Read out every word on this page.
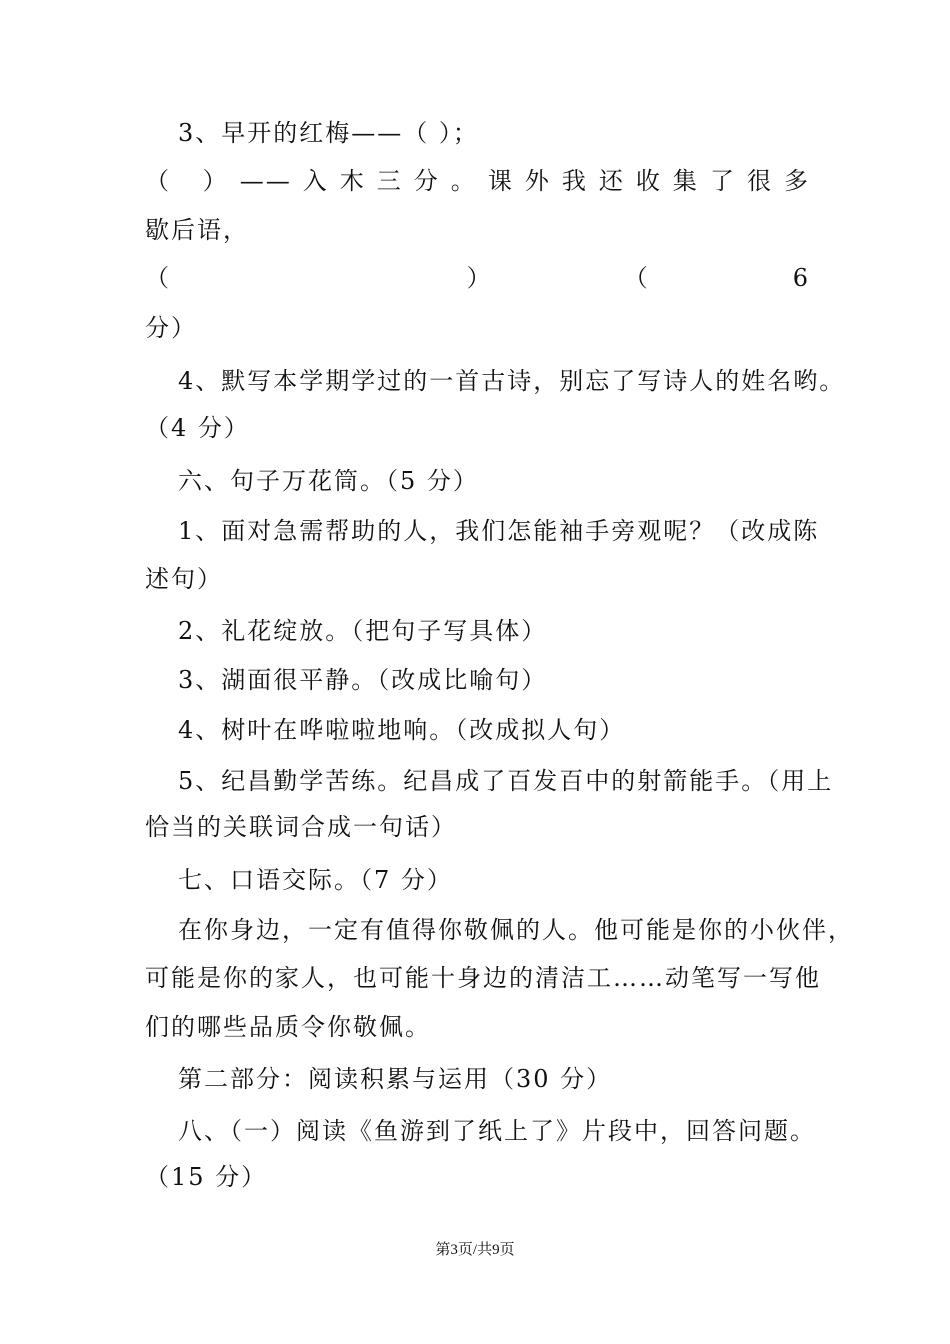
3、早开的红梅——（ ）；
（ ）——入木三分。课外我还收集了很多
歇后语，
（ ）（6
分）
4、默写本学期学过的一首古诗，别忘了写诗人的姓名哟。
（4 分）
六、句子万花筒。（5 分）
1、面对急需帮助的人，我们怎能袖手旁观呢？（改成陈
述句）
2、礼花绽放。（把句子写具体）
3、湖面很平静。（改成比喻句）
4、树叶在哗啦啦地响。（改成拟人句）
5、纪昌勤学苦练。纪昌成了百发百中的射箭能手。（用上
恰当的关联词合成一句话）
七、口语交际。（7 分）
在你身边，一定有值得你敬佩的人。他可能是你的小伙伴，
可能是你的家人，也可能十身边的清洁工……动笔写一写他
们的哪些品质令你敬佩。
第二部分：阅读积累与运用（30 分）
八、（一）阅读《鱼游到了纸上了》片段中，回答问题。
（15 分）
第3页/共9页
